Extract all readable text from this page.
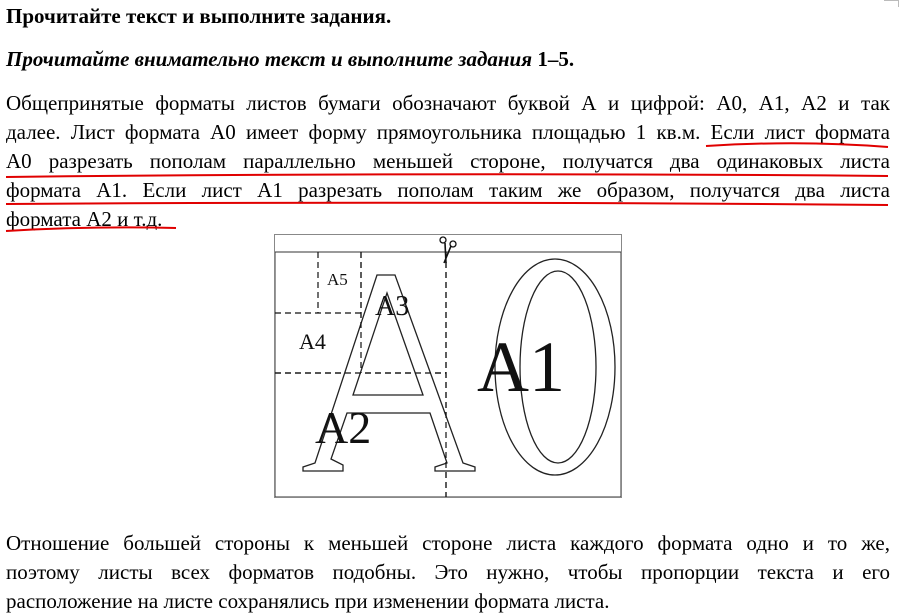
Прочитайте текст и выполните задания.
Прочитайте внимательно текст и выполните задания 1–5.
Общепринятые форматы листов бумаги обозначают буквой А и цифрой: А0, А1, А2 и так
далее. Лист формата А0 имеет форму прямоугольника площадью 1 кв.м. Если лист формата
А0 разрезать пополам параллельно меньшей стороне, получатся два одинаковых листа
формата А1. Если лист А1 разрезать пополам таким же образом, получатся два листа
формата А2 и т.д.
А5
А3
А4
А2
А1
Отношение большей стороны к меньшей стороне листа каждого формата одно и то же,
поэтому листы всех форматов подобны. Это нужно, чтобы пропорции текста и его
расположение на листе сохранялись при изменении формата листа.
